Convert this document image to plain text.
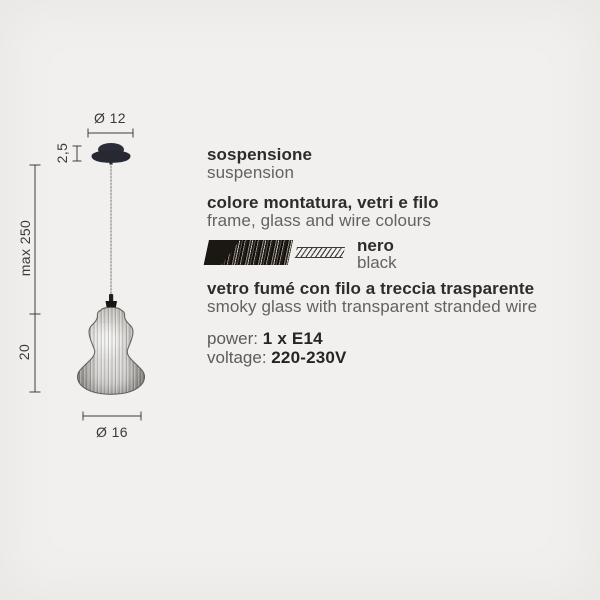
Ø 12
2,5
max 250
20
Ø 16
sospensione
suspension
colore montatura, vetri e filo
frame, glass and wire colours
nero
black
vetro fumé con filo a treccia trasparente
smoky glass with transparent stranded wire
power: 1 x E14
voltage: 220-230V
